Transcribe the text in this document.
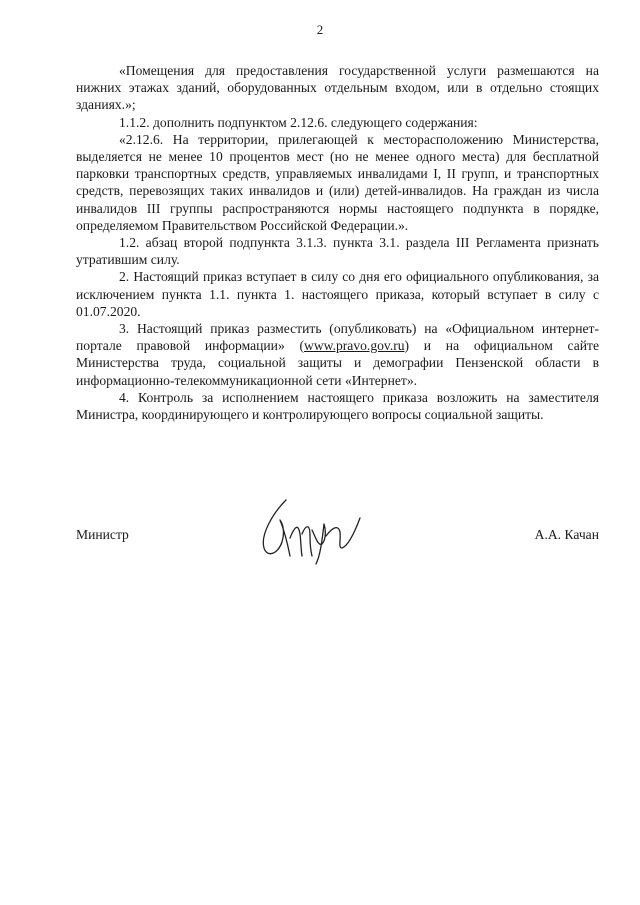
2

«Помещения для предоставления государственной услуги размешаются на нижних этажах зданий, оборудованных отдельным входом, или в отдельно стоящих зданиях.»;

1.1.2. дополнить подпунктом 2.12.6. следующего содержания:

«2.12.6. На территории, прилегающей к месторасположению Министерства, выделяется не менее 10 процентов мест (но не менее одного места) для бесплатной парковки транспортных средств, управляемых инвалидами I, II групп, и транспортных средств, перевозящих таких инвалидов и (или) детей-инвалидов. На граждан из числа инвалидов III группы распространяются нормы настоящего подпункта в порядке, определяемом Правительством Российской Федерации.».

1.2. абзац второй подпункта 3.1.3. пункта 3.1. раздела III Регламента признать утратившим силу.

2. Настоящий приказ вступает в силу со дня его официального опубликования, за исключением пункта 1.1. пункта 1. настоящего приказа, который вступает в силу с 01.07.2020.

3. Настоящий приказ разместить (опубликовать) на «Официальном интернет-портале правовой информации» (www.pravo.gov.ru) и на официальном сайте Министерства труда, социальной защиты и демографии Пензенской области в информационно-телекоммуникационной сети «Интернет».

4. Контроль за исполнением настоящего приказа возложить на заместителя Министра, координирующего и контролирующего вопросы социальной защиты.

Министр	А.А. Качан
